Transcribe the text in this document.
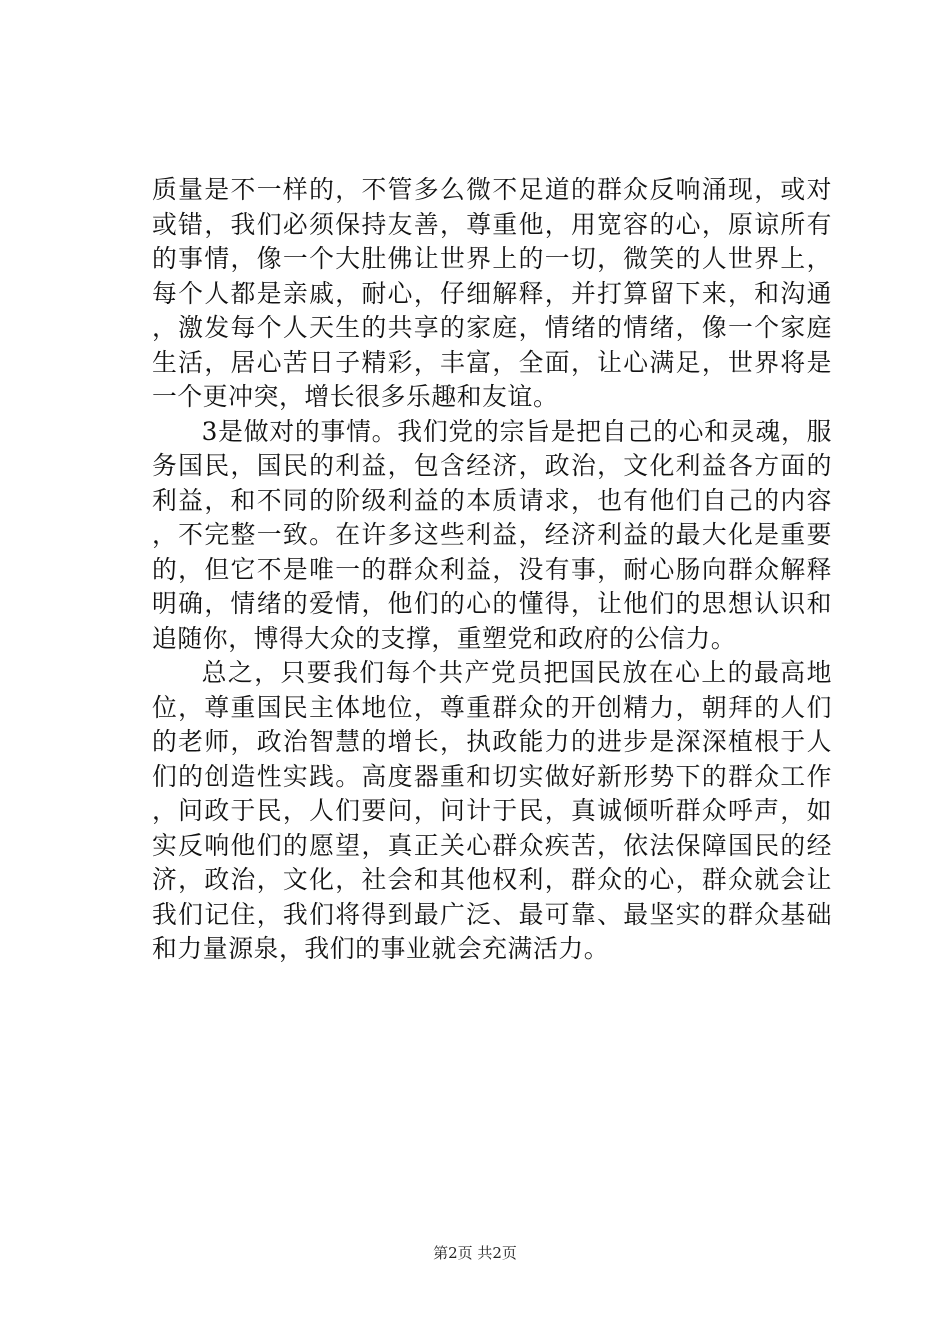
质量是不一样的，不管多么微不足道的群众反响涌现，或对或错，我们必须保持友善，尊重他，用宽容的心，原谅所有的事情，像一个大肚佛让世界上的一切，微笑的人世界上，每个人都是亲戚，耐心，仔细解释，并打算留下来，和沟通，激发每个人天生的共享的家庭，情绪的情绪，像一个家庭生活，居心苦日子精彩，丰富，全面，让心满足，世界将是一个更冲突，增长很多乐趣和友谊。

3是做对的事情。我们党的宗旨是把自己的心和灵魂，服务国民，国民的利益，包含经济，政治，文化利益各方面的利益，和不同的阶级利益的本质请求，也有他们自己的内容，不完整一致。在许多这些利益，经济利益的最大化是重要的，但它不是唯一的群众利益，没有事，耐心肠向群众解释明确，情绪的爱情，他们的心的懂得，让他们的思想认识和追随你，博得大众的支撑，重塑党和政府的公信力。

总之，只要我们每个共产党员把国民放在心上的最高地位，尊重国民主体地位，尊重群众的开创精力，朝拜的人们的老师，政治智慧的增长，执政能力的进步是深深植根于人们的创造性实践。高度器重和切实做好新形势下的群众工作，问政于民，人们要问，问计于民，真诚倾听群众呼声，如实反响他们的愿望，真正关心群众疾苦，依法保障国民的经济，政治，文化，社会和其他权利，群众的心，群众就会让我们记住，我们将得到最广泛、最可靠、最坚实的群众基础和力量源泉，我们的事业就会充满活力。

第2页 共2页
